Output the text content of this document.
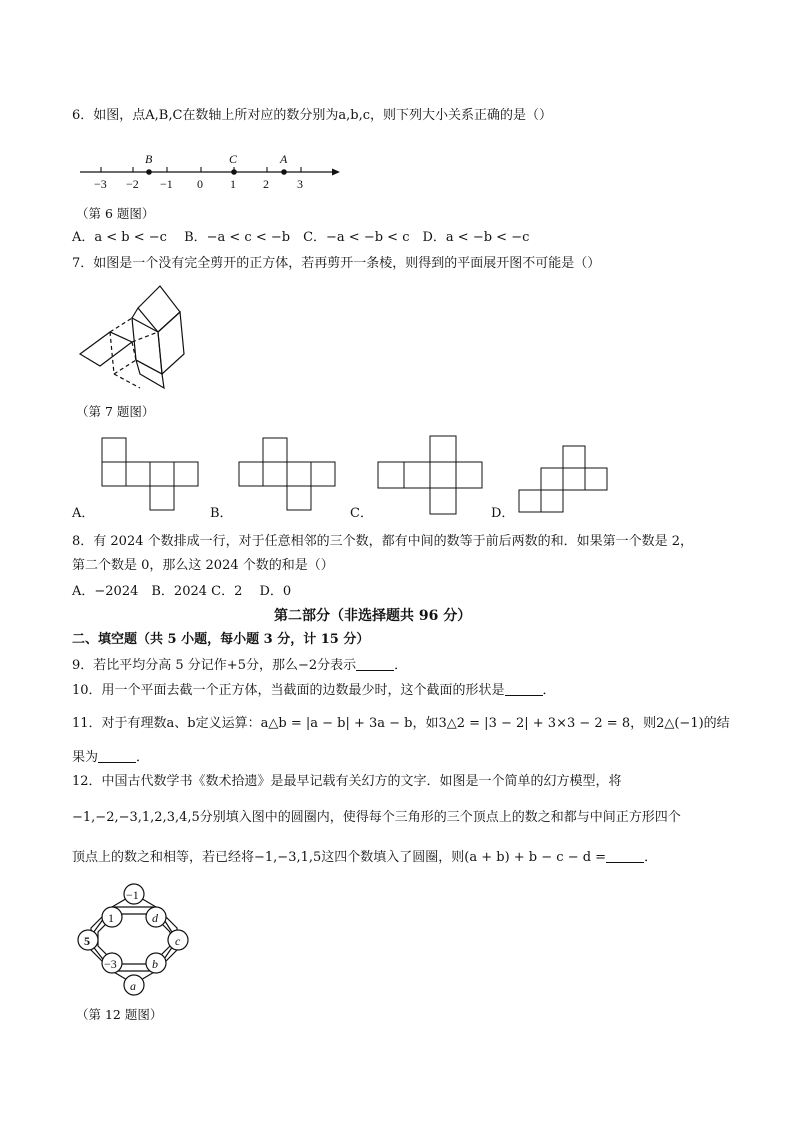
6．如图，点A,B,C在数轴上所对应的数分别为a,b,c，则下列大小关系正确的是（）
−3 −2 −1 0 1 2 3
B	C	A
（第 6 题图）
A．a < b < −c　 B．−a < c < −b　C．−a < −b < c　D．a < −b < −c
7．如图是一个没有完全剪开的正方体，若再剪开一条棱，则得到的平面展开图不可能是（）
（第 7 题图）
A．	B．	C．	D．
8．有 2024 个数排成一行，对于任意相邻的三个数，都有中间的数等于前后两数的和．如果第一个数是 2，
第二个数是 0，那么这 2024 个数的和是（）
A．−2024　B．2024 C．2　 D．0
第二部分（非选择题共 96 分）
二、填空题（共 5 小题，每小题 3 分，计 15 分）
9．若比平均分高 5 分记作+5分，那么−2分表示	．
10．用一个平面去截一个正方体，当截面的边数最少时，这个截面的形状是	．
11．对于有理数a、b定义运算：a△b = |a − b| + 3a − b，如3△2 = |3 − 2| + 3×3 − 2 = 8，则2△(−1)的结
果为	．
12．中国古代数学书《数术拾遗》是最早记载有关幻方的文字．如图是一个简单的幻方模型，将
−1,−2,−3,1,2,3,4,5分别填入图中的圆圈内，使得每个三角形的三个顶点上的数之和都与中间正方形四个
顶点上的数之和相等，若已经将−1,−3,1,5这四个数填入了圆圈，则(a + b) + b − c − d =	．
−1
d
c
b
a
−3
5
1
（第 12 题图）
